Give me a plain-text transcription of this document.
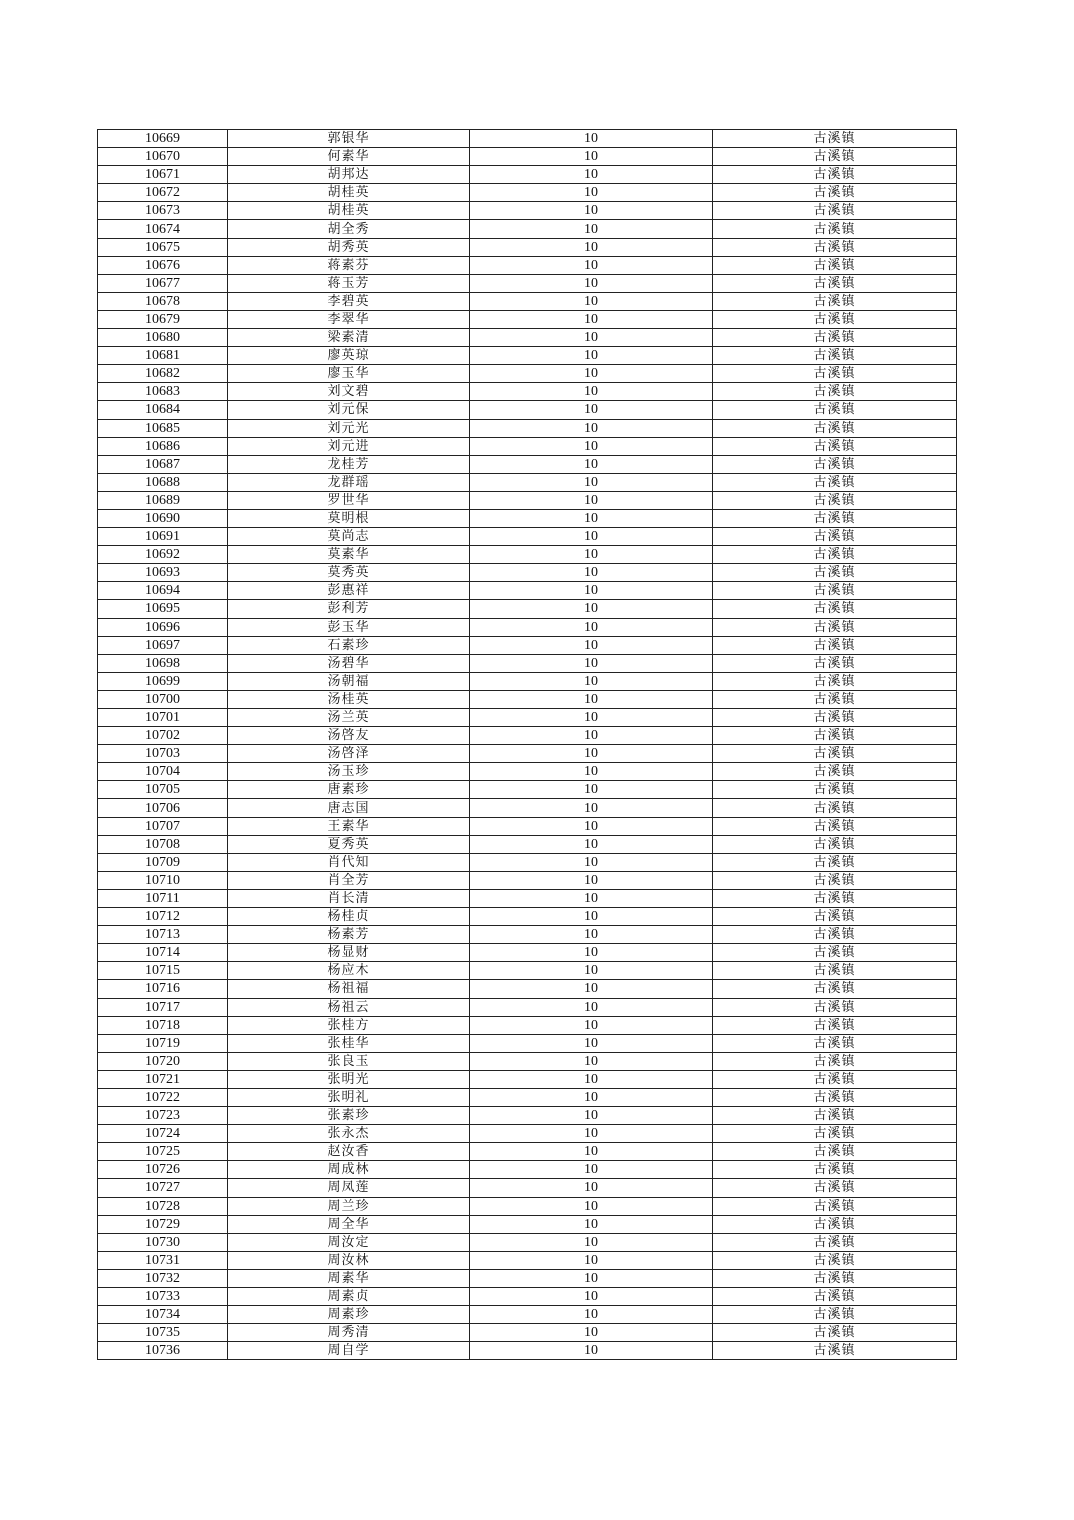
10669	郭银华	10	古溪镇
10670	何素华	10	古溪镇
10671	胡邦达	10	古溪镇
10672	胡桂英	10	古溪镇
10673	胡桂英	10	古溪镇
10674	胡全秀	10	古溪镇
10675	胡秀英	10	古溪镇
10676	蒋素芬	10	古溪镇
10677	蒋玉芳	10	古溪镇
10678	李碧英	10	古溪镇
10679	李翠华	10	古溪镇
10680	梁素清	10	古溪镇
10681	廖英琼	10	古溪镇
10682	廖玉华	10	古溪镇
10683	刘文碧	10	古溪镇
10684	刘元保	10	古溪镇
10685	刘元光	10	古溪镇
10686	刘元进	10	古溪镇
10687	龙桂芳	10	古溪镇
10688	龙群瑶	10	古溪镇
10689	罗世华	10	古溪镇
10690	莫明根	10	古溪镇
10691	莫尚志	10	古溪镇
10692	莫素华	10	古溪镇
10693	莫秀英	10	古溪镇
10694	彭惠祥	10	古溪镇
10695	彭利芳	10	古溪镇
10696	彭玉华	10	古溪镇
10697	石素珍	10	古溪镇
10698	汤碧华	10	古溪镇
10699	汤朝福	10	古溪镇
10700	汤桂英	10	古溪镇
10701	汤兰英	10	古溪镇
10702	汤啓友	10	古溪镇
10703	汤啓泽	10	古溪镇
10704	汤玉珍	10	古溪镇
10705	唐素珍	10	古溪镇
10706	唐志国	10	古溪镇
10707	王素华	10	古溪镇
10708	夏秀英	10	古溪镇
10709	肖代知	10	古溪镇
10710	肖全芳	10	古溪镇
10711	肖长清	10	古溪镇
10712	杨桂贞	10	古溪镇
10713	杨素芳	10	古溪镇
10714	杨显财	10	古溪镇
10715	杨应木	10	古溪镇
10716	杨祖福	10	古溪镇
10717	杨祖云	10	古溪镇
10718	张桂方	10	古溪镇
10719	张桂华	10	古溪镇
10720	张良玉	10	古溪镇
10721	张明光	10	古溪镇
10722	张明礼	10	古溪镇
10723	张素珍	10	古溪镇
10724	张永杰	10	古溪镇
10725	赵汝香	10	古溪镇
10726	周成林	10	古溪镇
10727	周凤莲	10	古溪镇
10728	周兰珍	10	古溪镇
10729	周全华	10	古溪镇
10730	周汝定	10	古溪镇
10731	周汝林	10	古溪镇
10732	周素华	10	古溪镇
10733	周素贞	10	古溪镇
10734	周素珍	10	古溪镇
10735	周秀清	10	古溪镇
10736	周自学	10	古溪镇
